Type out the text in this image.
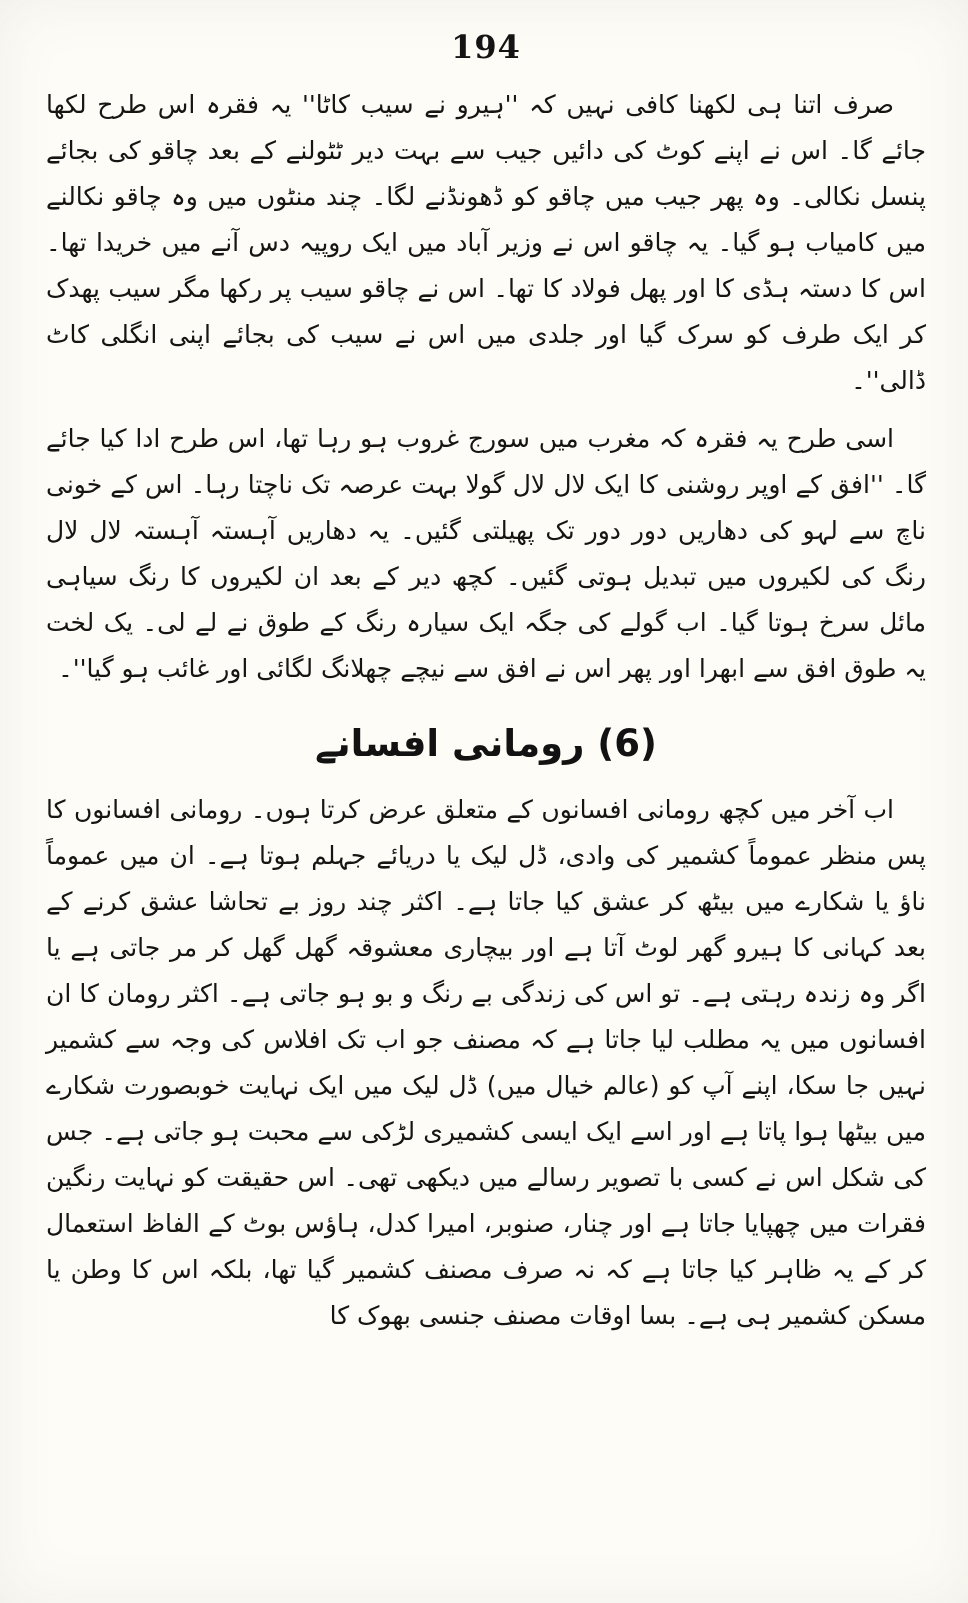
194

صرف اتنا ہی لکھنا کافی نہیں کہ ''ہیرو نے سیب کاٹا'' یہ فقرہ اس طرح لکھا جائے گا۔ اس نے اپنے کوٹ کی دائیں جیب سے بہت دیر ٹٹولنے کے بعد چاقو کی بجائے پنسل نکالی۔ وہ پھر جیب میں چاقو کو ڈھونڈنے لگا۔ چند منٹوں میں وہ چاقو نکالنے میں کامیاب ہو گیا۔ یہ چاقو اس نے وزیر آباد میں ایک روپیہ دس آنے میں خریدا تھا۔ اس کا دستہ ہڈی کا اور پھل فولاد کا تھا۔ اس نے چاقو سیب پر رکھا مگر سیب پھدک کر ایک طرف کو سرک گیا اور جلدی میں اس نے سیب کی بجائے اپنی انگلی کاٹ ڈالی''۔

اسی طرح یہ فقرہ کہ مغرب میں سورج غروب ہو رہا تھا، اس طرح ادا کیا جائے گا۔ ''افق کے اوپر روشنی کا ایک لال لال گولا بہت عرصہ تک ناچتا رہا۔ اس کے خونی ناچ سے لہو کی دھاریں دور دور تک پھیلتی گئیں۔ یہ دھاریں آہستہ آہستہ لال لال رنگ کی لکیروں میں تبدیل ہوتی گئیں۔ کچھ دیر کے بعد ان لکیروں کا رنگ سیاہی مائل سرخ ہوتا گیا۔ اب گولے کی جگہ ایک سیارہ رنگ کے طوق نے لے لی۔ یک لخت یہ طوق افق سے ابھرا اور پھر اس نے افق سے نیچے چھلانگ لگائی اور غائب ہو گیا''۔

(6) رومانی افسانے

اب آخر میں کچھ رومانی افسانوں کے متعلق عرض کرتا ہوں۔ رومانی افسانوں کا پس منظر عموماً کشمیر کی وادی، ڈل لیک یا دریائے جہلم ہوتا ہے۔ ان میں عموماً ناؤ یا شکارے میں بیٹھ کر عشق کیا جاتا ہے۔ اکثر چند روز بے تحاشا عشق کرنے کے بعد کہانی کا ہیرو گھر لوٹ آتا ہے اور بیچاری معشوقہ گھل گھل کر مر جاتی ہے یا اگر وہ زندہ رہتی ہے۔ تو اس کی زندگی بے رنگ و بو ہو جاتی ہے۔ اکثر رومان کا ان افسانوں میں یہ مطلب لیا جاتا ہے کہ مصنف جو اب تک افلاس کی وجہ سے کشمیر نہیں جا سکا، اپنے آپ کو (عالم خیال میں) ڈل لیک میں ایک نہایت خوبصورت شکارے میں بیٹھا ہوا پاتا ہے اور اسے ایک ایسی کشمیری لڑکی سے محبت ہو جاتی ہے۔ جس کی شکل اس نے کسی با تصویر رسالے میں دیکھی تھی۔ اس حقیقت کو نہایت رنگین فقرات میں چھپایا جاتا ہے اور چنار، صنوبر، امیرا کدل، ہاؤس بوٹ کے الفاظ استعمال کر کے یہ ظاہر کیا جاتا ہے کہ نہ صرف مصنف کشمیر گیا تھا، بلکہ اس کا وطن یا مسکن کشمیر ہی ہے۔ بسا اوقات مصنف جنسی بھوک کا
